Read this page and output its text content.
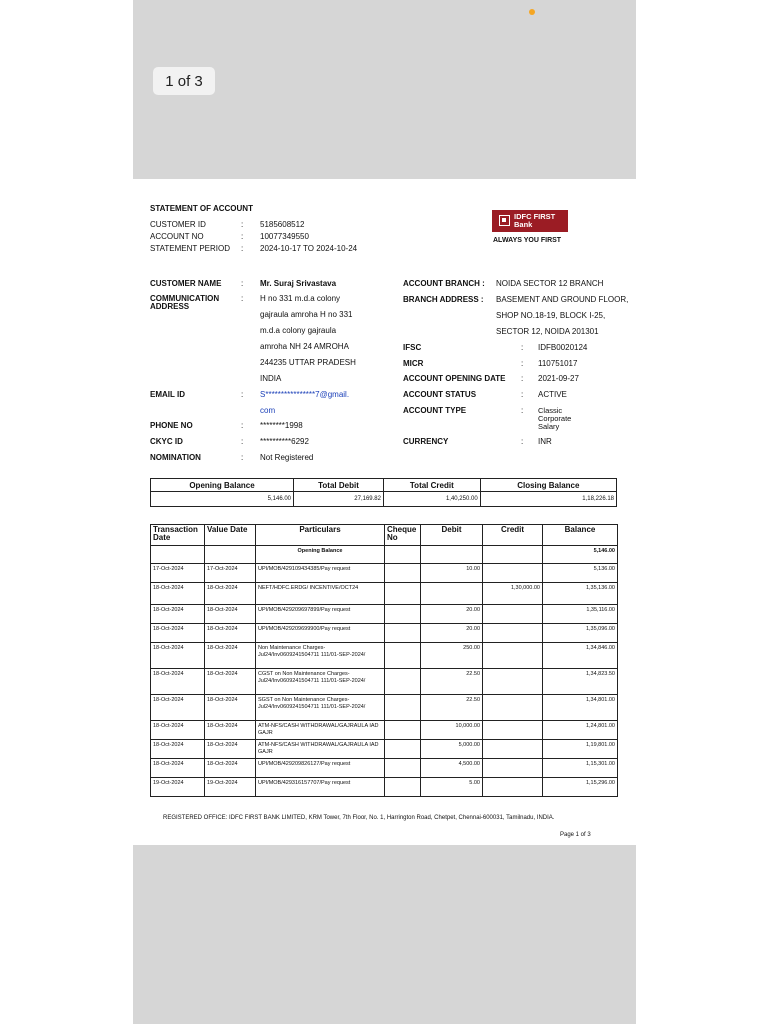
1 of 3
STATEMENT OF ACCOUNT
CUSTOMER ID	: 5185608512
ACCOUNT NO	: 10077349550
STATEMENT PERIOD : 2024-10-17 TO 2024-10-24
IDFC FIRST
Bank
ALWAYS YOU FIRST
CUSTOMER NAME : Mr. Suraj Srivastava
COMMUNICATION
ADDRESS
: H no 331 m.d.a colony
gajraula amroha H no 331
m.d.a colony gajraula
amroha NH 24 AMROHA
244235 UTTAR PRADESH
INDIA
EMAIL ID	: S****************7@gmail.
com
PHONE NO	: ********1998
CKYC ID	: **********6292
NOMINATION	: Not Registered
ACCOUNT BRANCH : NOIDA SECTOR 12 BRANCH
BRANCH ADDRESS : BASEMENT AND GROUND FLOOR,
SHOP NO.18-19, BLOCK I-25,
SECTOR 12, NOIDA 201301
IFSC	: IDFB0020124
MICR	: 110751017
ACCOUNT OPENING DATE : 2021-09-27
ACCOUNT STATUS	: ACTIVE
ACCOUNT TYPE	: Classic
Corporate
Salary
CURRENCY	: INR
Opening Balance	Total Debit	Total Credit	Closing Balance
5,146.00	27,169.82	1,40,250.00	1,18,226.18
Transaction Date	Value Date	Particulars	Cheque No	Debit	Credit	Balance
		Opening Balance				5,146.00
17-Oct-2024	17-Oct-2024	UPI/MOB/429109434385/Pay request		10.00		5,136.00
18-Oct-2024	18-Oct-2024	NEFT/HDFC.ERDG/ INCENTIVE/OCT24			1,30,000.00	1,35,136.00
18-Oct-2024	18-Oct-2024	UPI/MOB/429209697899/Pay request		20.00		1,35,116.00
18-Oct-2024	18-Oct-2024	UPI/MOB/429209699900/Pay request		20.00		1,35,096.00
18-Oct-2024	18-Oct-2024	Non Maintenance Charges-Jul24/Inv0609241504711 111/01-SEP-2024/		250.00		1,34,846.00
18-Oct-2024	18-Oct-2024	CGST on Non Maintenance Charges-Jul24/Inv0609241504711 111/01-SEP-2024/		22.50		1,34,823.50
18-Oct-2024	18-Oct-2024	SGST on Non Maintenance Charges-Jul24/Inv0609241504711 111/01-SEP-2024/		22.50		1,34,801.00
18-Oct-2024	18-Oct-2024	ATM-NFS/CASH WITHDRAWAL/GAJRAULA IAD GAJR		10,000.00		1,24,801.00
18-Oct-2024	18-Oct-2024	ATM-NFS/CASH WITHDRAWAL/GAJRAULA IAD GAJR		5,000.00		1,19,801.00
18-Oct-2024	18-Oct-2024	UPI/MOB/429209826127/Pay request		4,500.00		1,15,301.00
19-Oct-2024	19-Oct-2024	UPI/MOB/429316157707/Pay request		5.00		1,15,296.00
REGISTERED OFFICE: IDFC FIRST BANK LIMITED, KRM Tower, 7th Floor, No. 1, Harrington Road, Chetpet, Chennai-600031, Tamilnadu, INDIA.
Page 1 of 3
